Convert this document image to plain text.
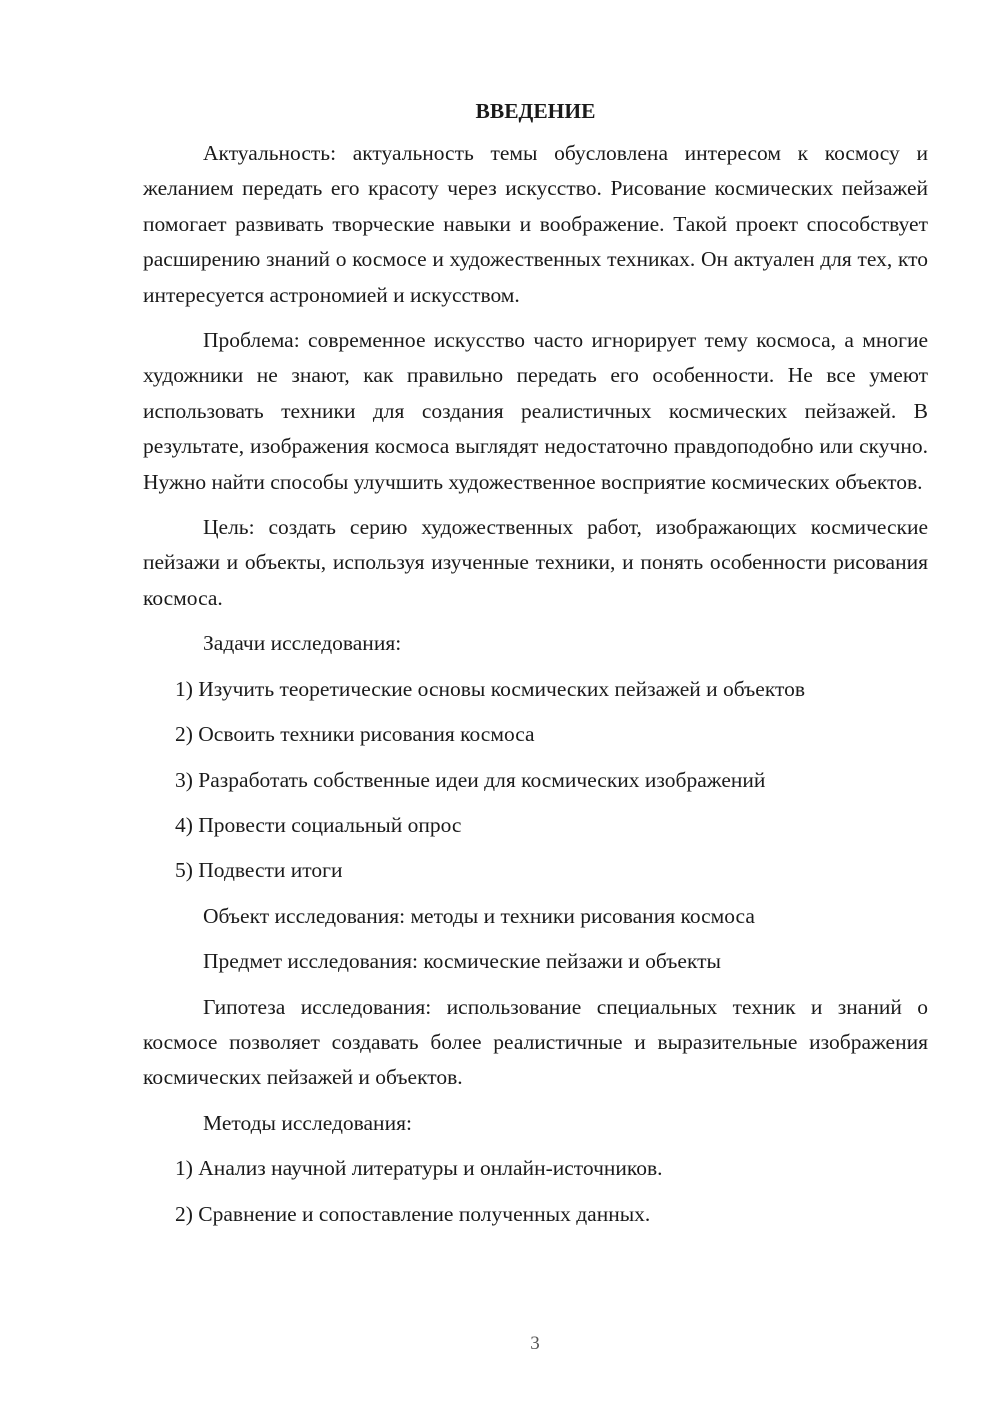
ВВЕДЕНИЕ
Актуальность: актуальность темы обусловлена интересом к космосу и желанием передать его красоту через искусство. Рисование космических пейзажей помогает развивать творческие навыки и воображение. Такой проект способствует расширению знаний о космосе и художественных техниках. Он актуален для тех, кто интересуется астрономией и искусством.
Проблема: современное искусство часто игнорирует тему космоса, а многие художники не знают, как правильно передать его особенности. Не все умеют использовать техники для создания реалистичных космических пейзажей. В результате, изображения космоса выглядят недостаточно правдоподобно или скучно. Нужно найти способы улучшить художественное восприятие космических объектов.
Цель: создать серию художественных работ, изображающих космические пейзажи и объекты, используя изученные техники, и понять особенности рисования космоса.
Задачи исследования:
1) Изучить теоретические основы космических пейзажей и объектов
2) Освоить техники рисования космоса
3) Разработать собственные идеи для космических изображений
4) Провести социальный опрос
5) Подвести итоги
Объект исследования: методы и техники рисования космоса
Предмет исследования: космические пейзажи и объекты
Гипотеза исследования: использование специальных техник и знаний о космосе позволяет создавать более реалистичные и выразительные изображения космических пейзажей и объектов.
Методы исследования:
1) Анализ научной литературы и онлайн-источников.
2) Сравнение и сопоставление полученных данных.
3
